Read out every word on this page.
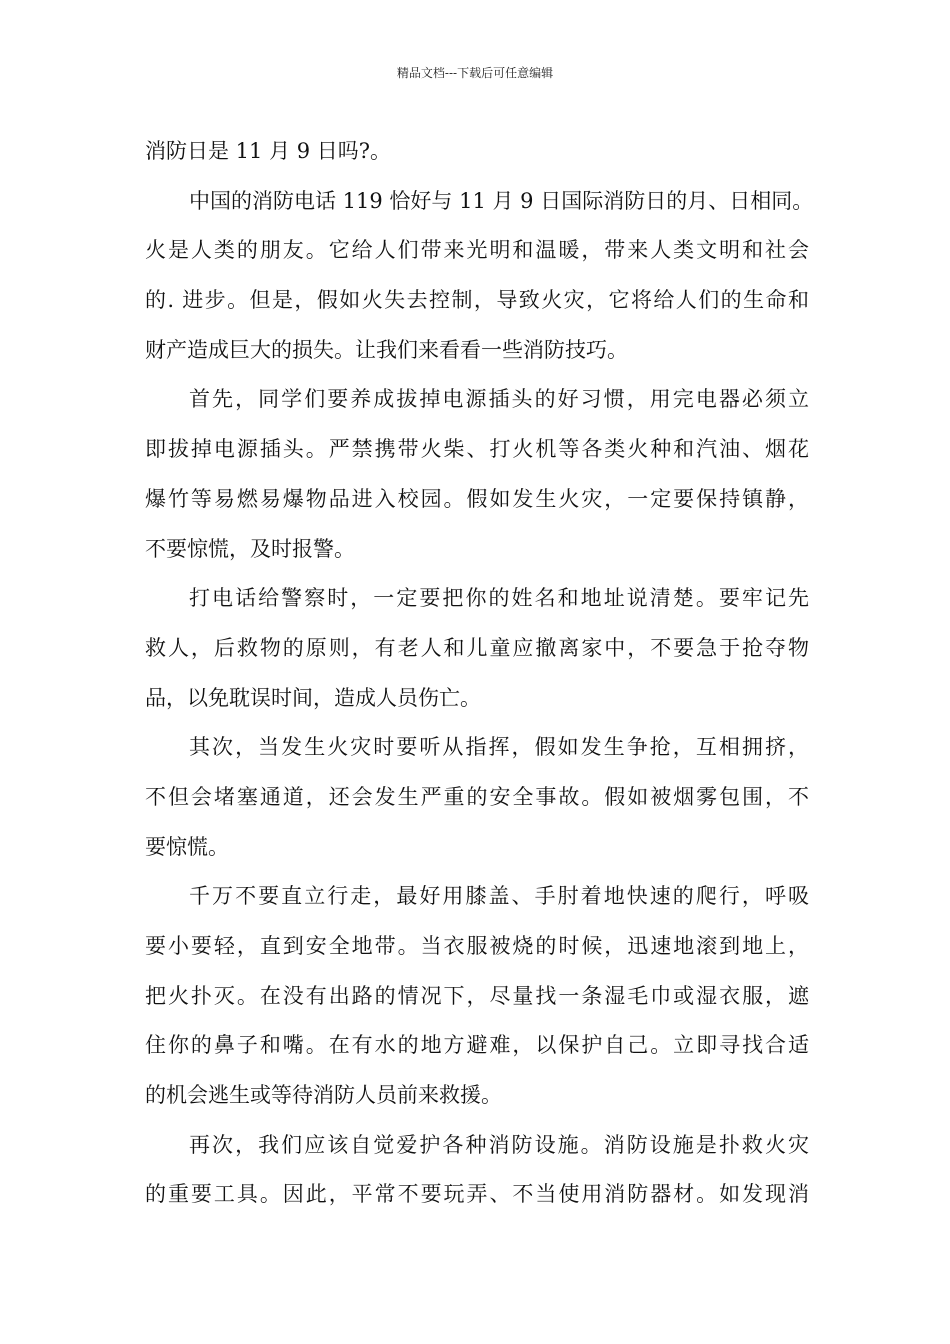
精品文档---下载后可任意编辑
消防日是 11 月 9 日吗?。
中国的消防电话 119 恰好与 11 月 9 日国际消防日的月、日相同。
火是人类的朋友。它给人们带来光明和温暖，带来人类文明和社会
的. 进步。但是，假如火失去控制，导致火灾，它将给人们的生命和
财产造成巨大的损失。让我们来看看一些消防技巧。
首先，同学们要养成拔掉电源插头的好习惯，用完电器必须立
即拔掉电源插头。严禁携带火柴、打火机等各类火种和汽油、烟花
爆竹等易燃易爆物品进入校园。假如发生火灾，一定要保持镇静，
不要惊慌，及时报警。
打电话给警察时，一定要把你的姓名和地址说清楚。要牢记先
救人，后救物的原则，有老人和儿童应撤离家中，不要急于抢夺物
品，以免耽误时间，造成人员伤亡。
其次，当发生火灾时要听从指挥，假如发生争抢，互相拥挤，
不但会堵塞通道，还会发生严重的安全事故。假如被烟雾包围，不
要惊慌。
千万不要直立行走，最好用膝盖、手肘着地快速的爬行，呼吸
要小要轻，直到安全地带。当衣服被烧的时候，迅速地滚到地上，
把火扑灭。在没有出路的情况下，尽量找一条湿毛巾或湿衣服，遮
住你的鼻子和嘴。在有水的地方避难，以保护自己。立即寻找合适
的机会逃生或等待消防人员前来救援。
再次，我们应该自觉爱护各种消防设施。消防设施是扑救火灾
的重要工具。因此，平常不要玩弄、不当使用消防器材。如发现消
